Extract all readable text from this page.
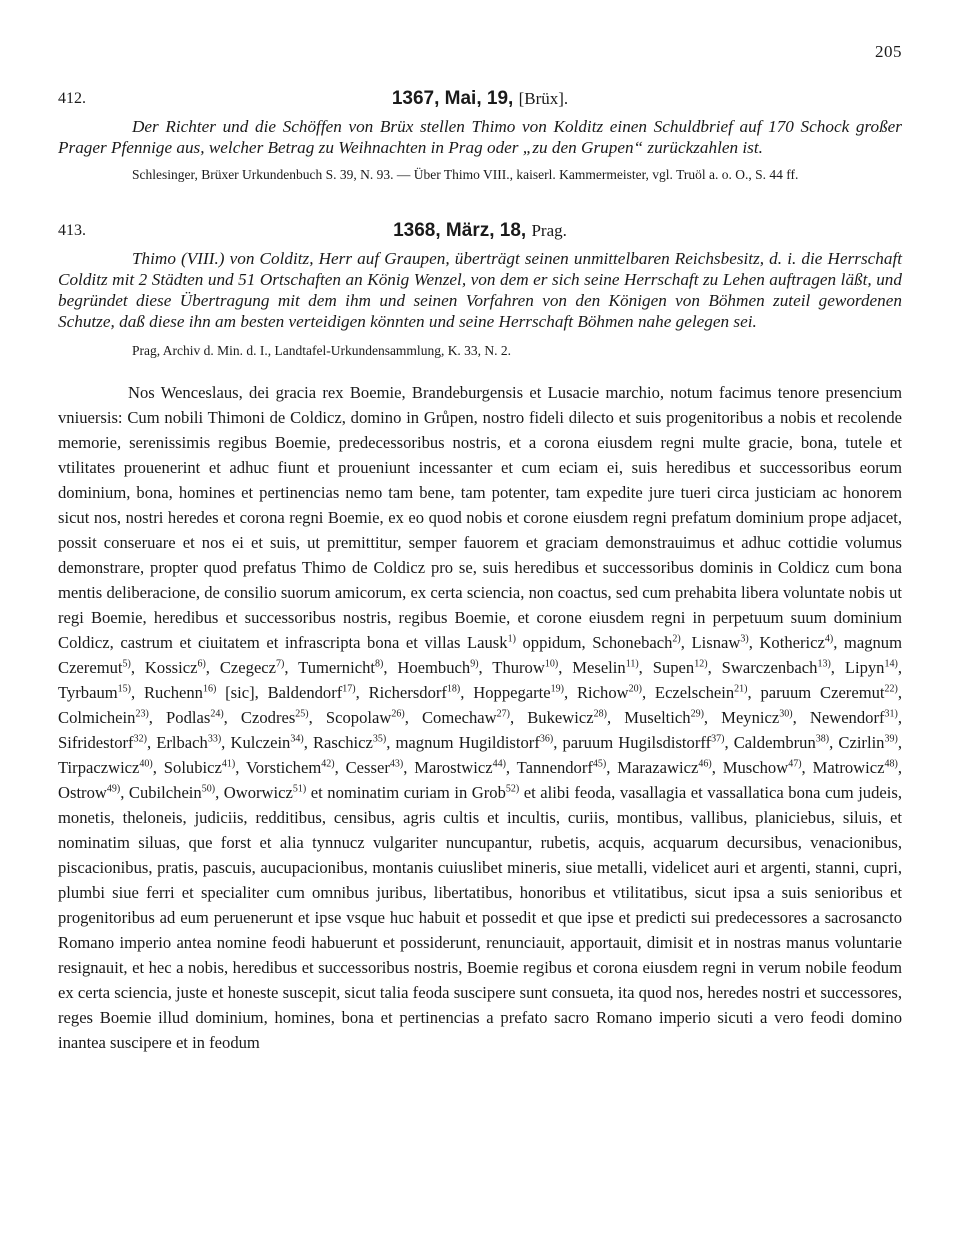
205
412.	1367, Mai, 19, [Brüx].

Der Richter und die Schöffen von Brüx stellen Thimo von Kolditz einen Schuldbrief auf 170 Schock großer Prager Pfennige aus, welcher Betrag zu Weihnachten in Prag oder „zu den Grupen“ zurückzahlen ist.

Schlesinger, Brüxer Urkundenbuch S. 39, N. 93. — Über Thimo VIII., kaiserl. Kammermeister, vgl. Truöl a. o. O., S. 44 ff.

413.	1368, März, 18, Prag.

Thimo (VIII.) von Colditz, Herr auf Graupen, überträgt seinen unmittelbaren Reichsbesitz, d. i. die Herrschaft Colditz mit 2 Städten und 51 Ortschaften an König Wenzel, von dem er sich seine Herrschaft zu Lehen auftragen läßt, und begründet diese Übertragung mit dem ihm und seinen Vorfahren von den Königen von Böhmen zuteil gewordenen Schutze, daß diese ihn am besten verteidigen könnten und seine Herrschaft Böhmen nahe gelegen sei.

Prag, Archiv d. Min. d. I., Landtafel-Urkundensammlung, K. 33, N. 2.

Nos Wenceslaus, dei gracia rex Boemie, Brandeburgensis et Lusacie marchio, notum facimus tenore presencium vniuersis: Cum nobili Thimoni de Coldicz, domino in Grůpen, nostro fideli dilecto et suis progenitoribus a nobis et recolende memorie, serenissimis regibus Boemie, predecessoribus nostris, et a corona eiusdem regni multe gracie, bona, tutele et vtilitates prouenerint et adhuc fiunt et proueniunt incessanter et cum eciam ei, suis heredibus et successoribus eorum dominium, bona, homines et pertinencias nemo tam bene, tam potenter, tam expedite jure tueri circa justiciam ac honorem sicut nos, nostri heredes et corona regni Boemie, ex eo quod nobis et corone eiusdem regni prefatum dominium prope adjacet, possit conseruare et nos ei et suis, ut premittitur, semper fauorem et graciam demonstrauimus et adhuc cottidie volumus demonstrare, propter quod prefatus Thimo de Coldicz pro se, suis heredibus et successoribus dominis in Coldicz cum bona mentis deliberacione, de consilio suorum amicorum, ex certa sciencia, non coactus, sed cum prehabita libera voluntate nobis ut regi Boemie, heredibus et successoribus nostris, regibus Boemie, et corone eiusdem regni in perpetuum suum dominium Coldicz, castrum et ciuitatem et infrascripta bona et villas Lausk$^{1)}$ oppidum, Schonebach$^{2)}$, Lisnaw$^{3)}$, Kothericz$^{4)}$, magnum Czeremut$^{5)}$, Kossicz$^{6)}$, Czegecz$^{7)}$, Tumernicht$^{8)}$, Hoembuch$^{9)}$, Thurow$^{10)}$, Meselin$^{11)}$, Supen$^{12)}$, Swarczenbach$^{13)}$, Lipyn$^{14)}$, Tyrbaum$^{15)}$, Ruchenn$^{16)}$ [sic], Baldendorf$^{17)}$, Richersdorf$^{18)}$, Hoppegarte$^{19)}$, Richow$^{20)}$, Eczelschein$^{21)}$, paruum Czeremut$^{22)}$, Colmichein$^{23)}$, Podlas$^{24)}$, Czodres$^{25)}$, Scopolaw$^{26)}$, Comechaw$^{27)}$, Bukewicz$^{28)}$, Museltich$^{29)}$, Meynicz$^{30)}$, Newendorf$^{31)}$, Sifridestorf$^{32)}$, Erlbach$^{33)}$, Kulczein$^{34)}$, Raschicz$^{35)}$, magnum Hugildistorf$^{36)}$, paruum Hugilsdistorff$^{37)}$, Caldembrun$^{38)}$, Czirlin$^{39)}$, Tirpaczwicz$^{40)}$, Solubicz$^{41)}$, Vorstichem$^{42)}$, Cesser$^{43)}$, Marostwicz$^{44)}$, Tannendorf$^{45)}$, Marazawicz$^{46)}$, Muschow$^{47)}$, Matrowicz$^{48)}$, Ostrow$^{49)}$, Cubilchein$^{50)}$, Oworwicz$^{51)}$ et nominatim curiam in Grob$^{52)}$ et alibi feoda, vasallagia et vassallatica bona cum judeis, monetis, theloneis, judiciis, redditibus, censibus, agris cultis et incultis, curiis, montibus, vallibus, planiciebus, siluis, et nominatim siluas, que forst et alia tynnucz vulgariter nuncupantur, rubetis, acquis, acquarum decursibus, venacionibus, piscacionibus, pratis, pascuis, aucupacionibus, montanis cuiuslibet mineris, siue metalli, videlicet auri et argenti, stanni, cupri, plumbi siue ferri et specialiter cum omnibus juribus, libertatibus, honoribus et vtilitatibus, sicut ipsa a suis senioribus et progenitoribus ad eum peruenerunt et ipse vsque huc habuit et possedit et que ipse et predicti sui predecessores a sacrosancto Romano imperio antea nomine feodi habuerunt et possiderunt, renunciauit, apportauit, dimisit et in nostras manus voluntarie resignauit, et hec a nobis, heredibus et successoribus nostris, Boemie regibus et corona eiusdem regni in verum nobile feodum ex certa sciencia, juste et honeste suscepit, sicut talia feoda suscipere sunt consueta, ita quod nos, heredes nostri et successores, reges Boemie illud dominium, homines, bona et pertinencias a prefato sacro Romano imperio sicuti a vero feodi domino inantea suscipere et in feodum
